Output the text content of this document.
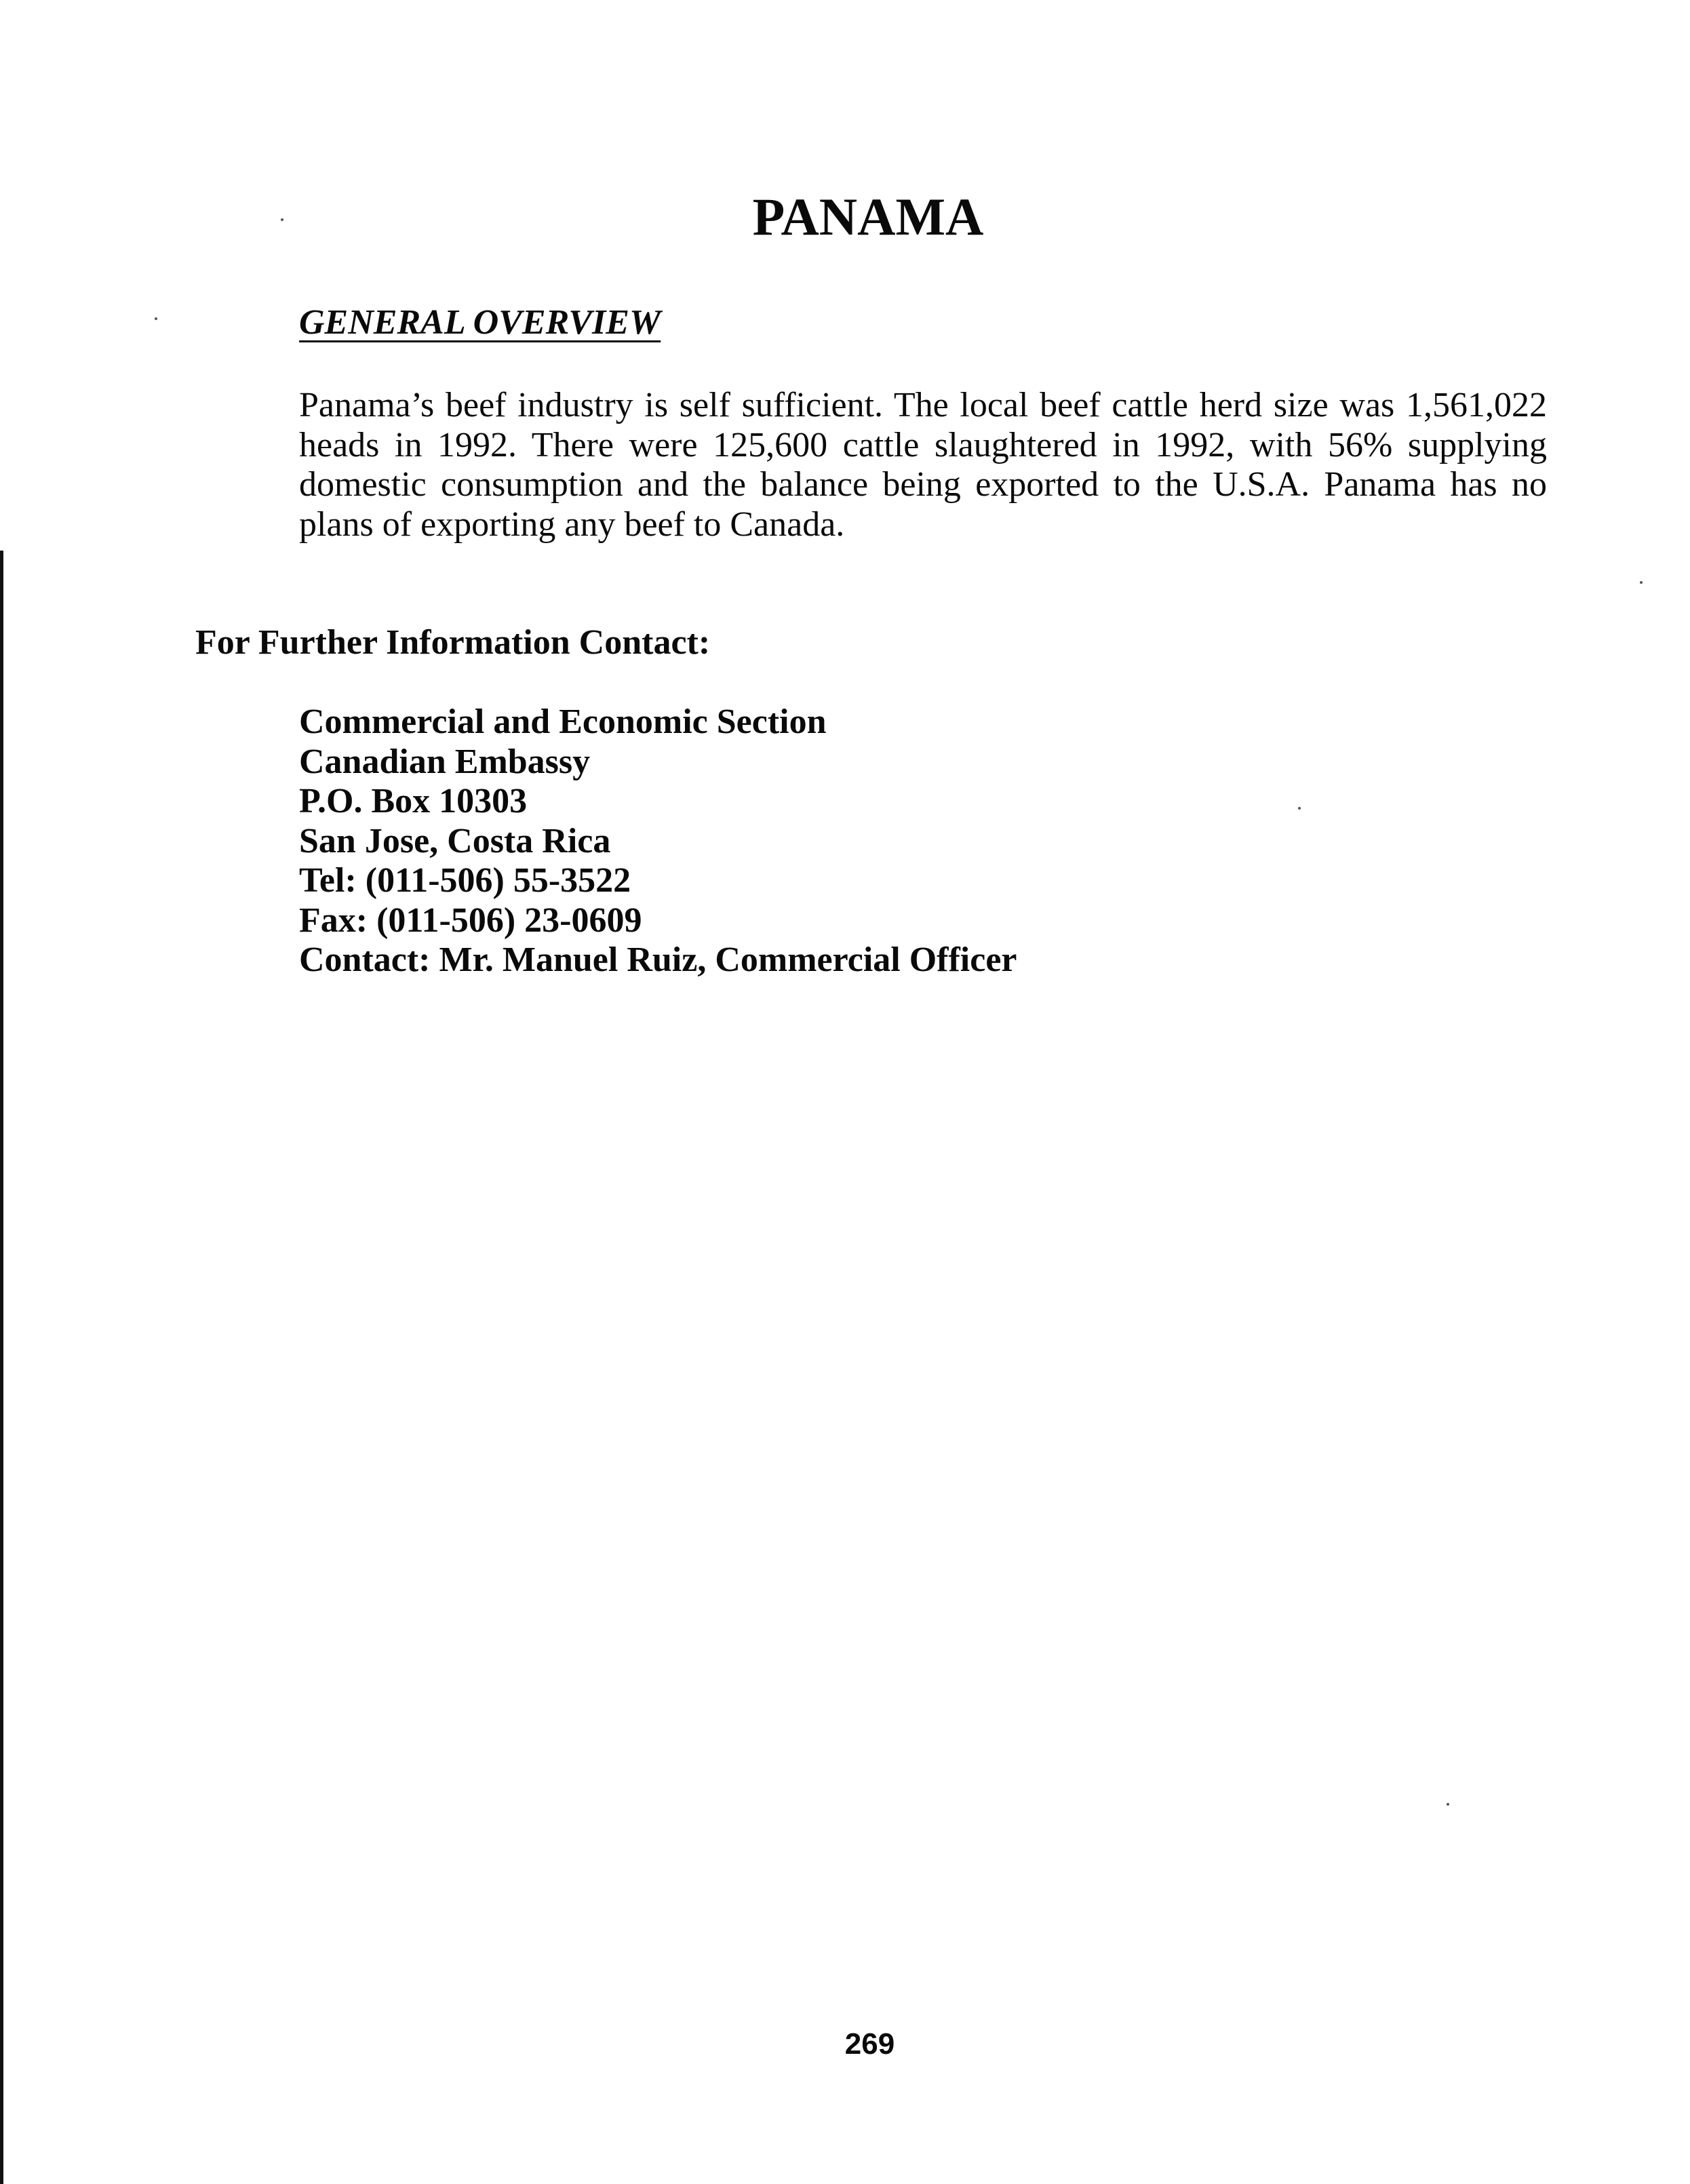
PANAMA
GENERAL OVERVIEW

Panama’s beef industry is self sufficient. The local beef cattle herd size was 1,561,022 heads in 1992. There were 125,600 cattle slaughtered in 1992, with 56% supplying domestic consumption and the balance being exported to the U.S.A. Panama has no plans of exporting any beef to Canada.

For Further Information Contact:
Commercial and Economic Section
Canadian Embassy
P.O. Box 10303
San Jose, Costa Rica
Tel: (011-506) 55-3522
Fax: (011-506) 23-0609
Contact: Mr. Manuel Ruiz, Commercial Officer

269
